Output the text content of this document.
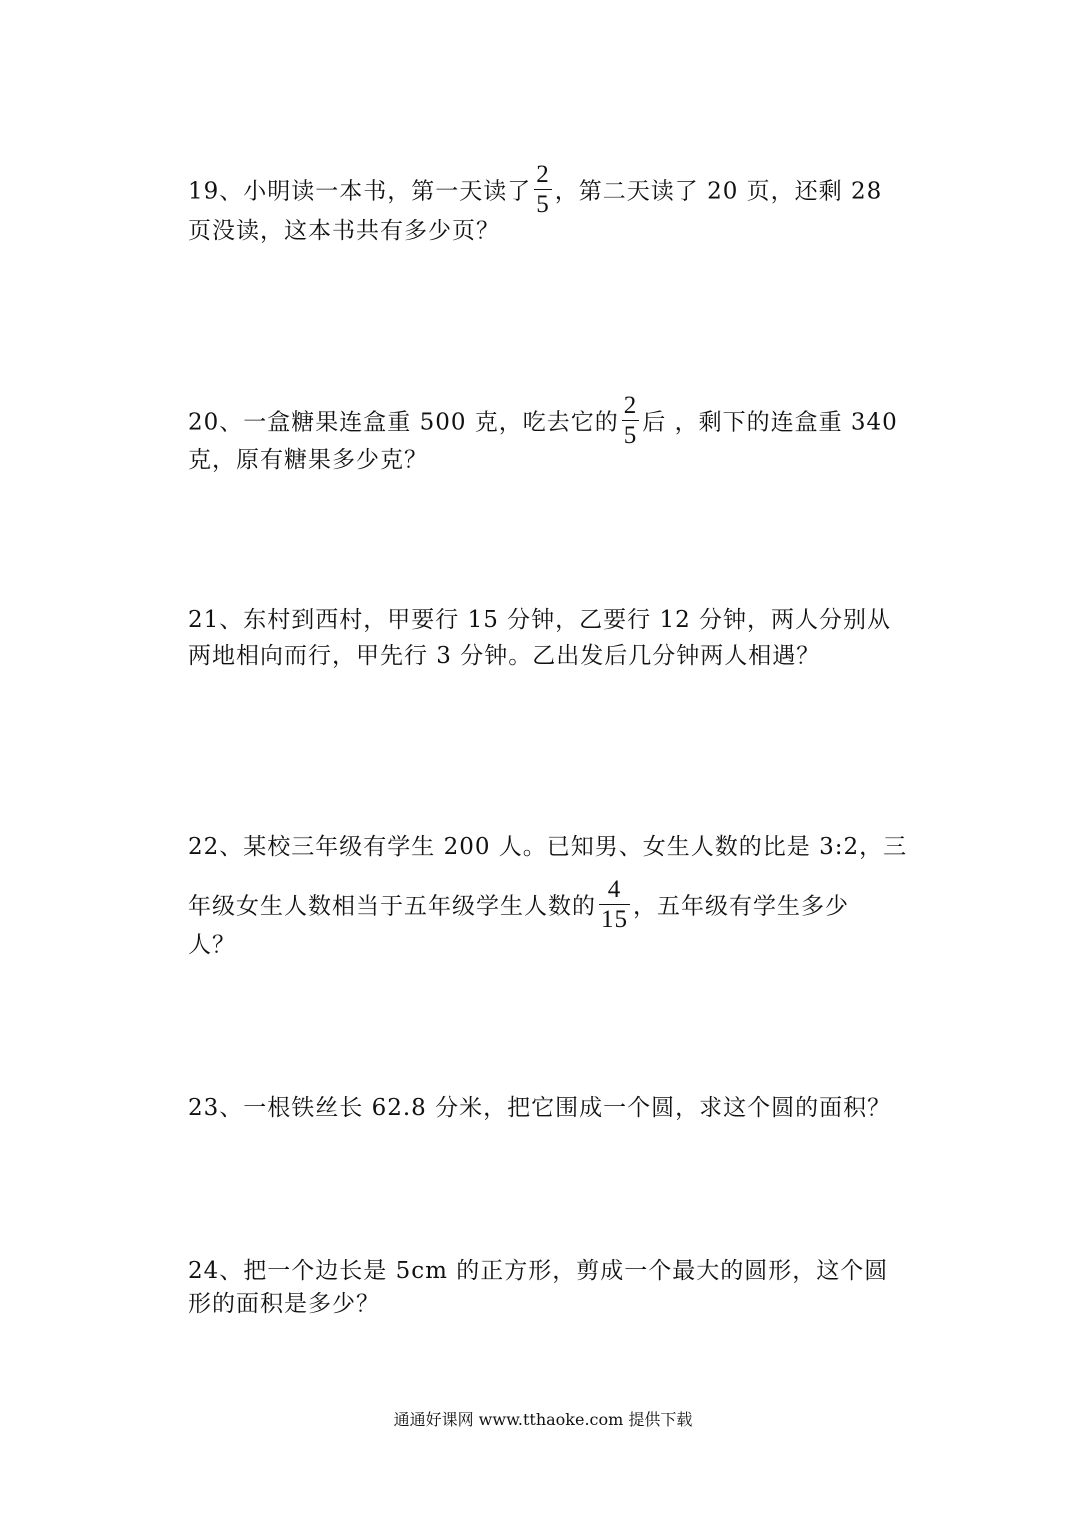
19、小明读一本书，第一天读了 $\frac{2}{5}$ ，第二天读了 20 页，还剩 28
页没读，这本书共有多少页？
20、一盒糖果连盒重 500 克，吃去它的 $\frac{2}{5}$ 后 ，剩下的连盒重 340
克，原有糖果多少克？
21、东村到西村，甲要行 15 分钟，乙要行 12 分钟，两人分别从
两地相向而行，甲先行 3 分钟。乙出发后几分钟两人相遇？
22、某校三年级有学生 200 人。已知男、女生人数的比是 3:2，三
年级女生人数相当于五年级学生人数的 $\frac{4}{15}$ ，五年级有学生多少
人？
23、一根铁丝长 62.8 分米，把它围成一个圆，求这个圆的面积？
24、把一个边长是 5cm 的正方形，剪成一个最大的圆形，这个圆
形的面积是多少？
通通好课网 www.tthaoke.com 提供下载
